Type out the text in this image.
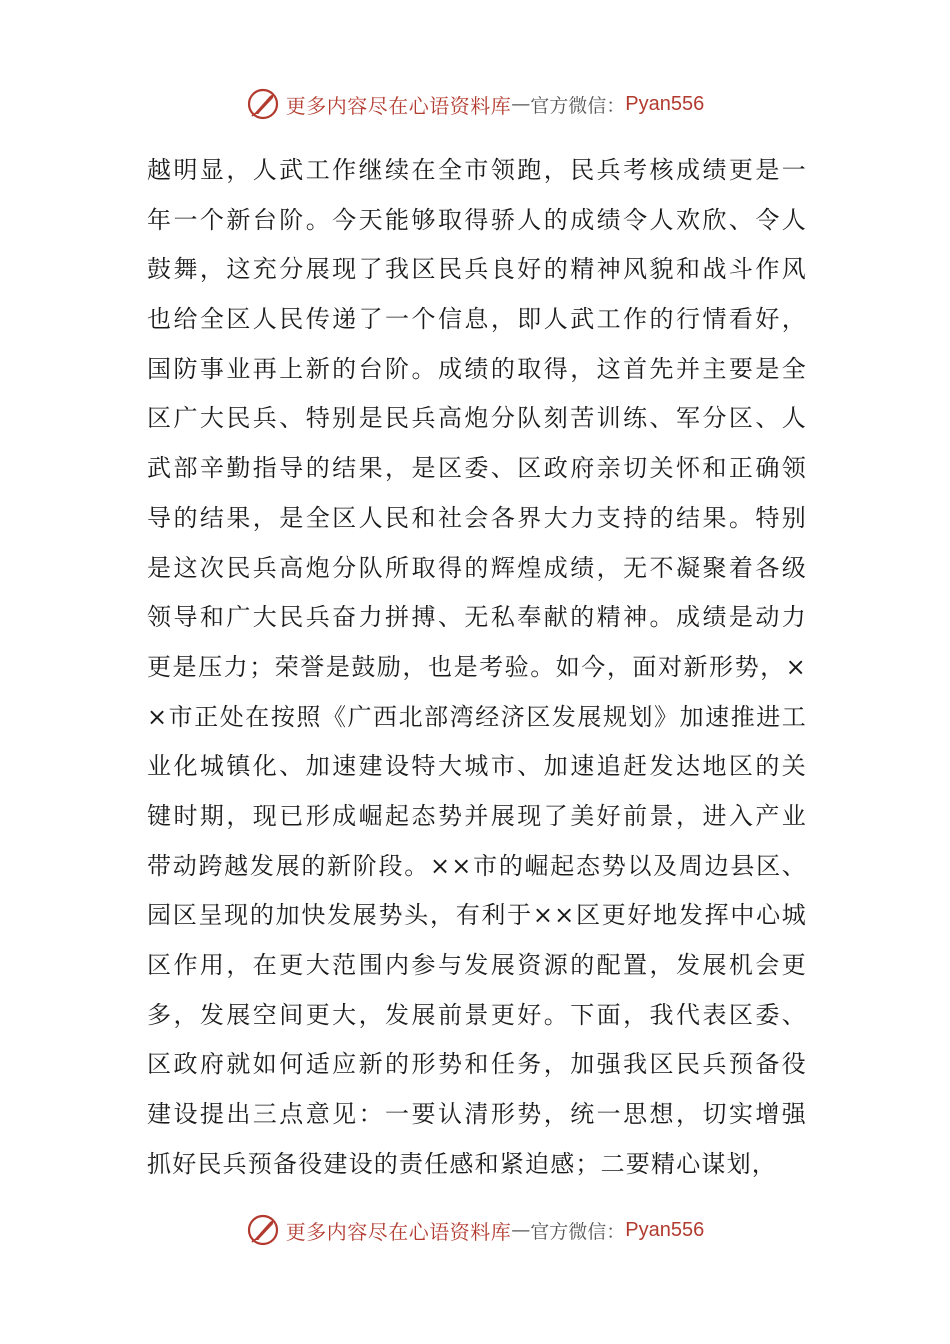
更多内容尽在心语资料库 — 官方微信： Pyan556
越明显，人武工作继续在全市领跑，民兵考核成绩更是一
年一个新台阶。今天能够取得骄人的成绩令人欢欣、令人
鼓舞，这充分展现了我区民兵良好的精神风貌和战斗作风
也给全区人民传递了一个信息，即人武工作的行情看好，
国防事业再上新的台阶。成绩的取得，这首先并主要是全
区广大民兵、特别是民兵高炮分队刻苦训练、军分区、人
武部辛勤指导的结果，是区委、区政府亲切关怀和正确领
导的结果，是全区人民和社会各界大力支持的结果。特别
是这次民兵高炮分队所取得的辉煌成绩，无不凝聚着各级
领导和广大民兵奋力拼搏、无私奉献的精神。成绩是动力
更是压力；荣誉是鼓励，也是考验。如今，面对新形势，×
×市正处在按照《广西北部湾经济区发展规划》加速推进工
业化城镇化、加速建设特大城市、加速追赶发达地区的关
键时期，现已形成崛起态势并展现了美好前景，进入产业
带动跨越发展的新阶段。××市的崛起态势以及周边县区、
园区呈现的加快发展势头，有利于××区更好地发挥中心城
区作用，在更大范围内参与发展资源的配置，发展机会更
多，发展空间更大，发展前景更好。下面，我代表区委、
区政府就如何适应新的形势和任务，加强我区民兵预备役
建设提出三点意见：一要认清形势，统一思想，切实增强
抓好民兵预备役建设的责任感和紧迫感；二要精心谋划，
更多内容尽在心语资料库 — 官方微信： Pyan556
